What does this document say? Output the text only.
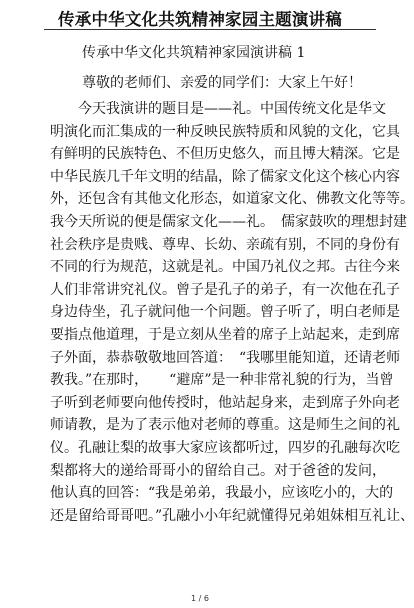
传承中华文化共筑精神家园主题演讲稿
传承中华文化共筑精神家园演讲稿 1
尊敬的老师们、亲爱的同学们：大家上午好！
　　今天我演讲的题目是——礼。中国传统文化是华文
明演化而汇集成的一种反映民族特质和风貌的文化，它具
有鲜明的民族特色、不但历史悠久，而且博大精深。它是
中华民族几千年文明的结晶，除了儒家文化这个核心内容
外，还包含有其他文化形态，如道家文化、佛教文化等等。
我今天所说的便是儒家文化——礼。　儒家鼓吹的理想封建
社会秩序是贵贱、尊卑、长幼、亲疏有别，不同的身份有
不同的行为规范，这就是礼。中国乃礼仪之邦。古往今来
人们非常讲究礼仪。曾子是孔子的弟子，有一次他在孔子
身边侍坐，孔子就问他一个问题。曾子听了，明白老师是
要指点他道理，于是立刻从坐着的席子上站起来，走到席
子外面，恭恭敬敬地回答道：　“我哪里能知道，还请老师
教我。”在那时，　　“避席”是一种非常礼貌的行为，当曾
子听到老师要向他传授时，他站起身来，走到席子外向老
师请教，是为了表示他对老师的尊重。这是师生之间的礼
仪。孔融让梨的故事大家应该都听过，四岁的孔融每次吃
梨都将大的递给哥哥小的留给自己。对于爸爸的发问，
他认真的回答：“我是弟弟，我最小，应该吃小的，大的
还是留给哥哥吧。”孔融小小年纪就懂得兄弟姐妹相互礼让、
1 / 6
